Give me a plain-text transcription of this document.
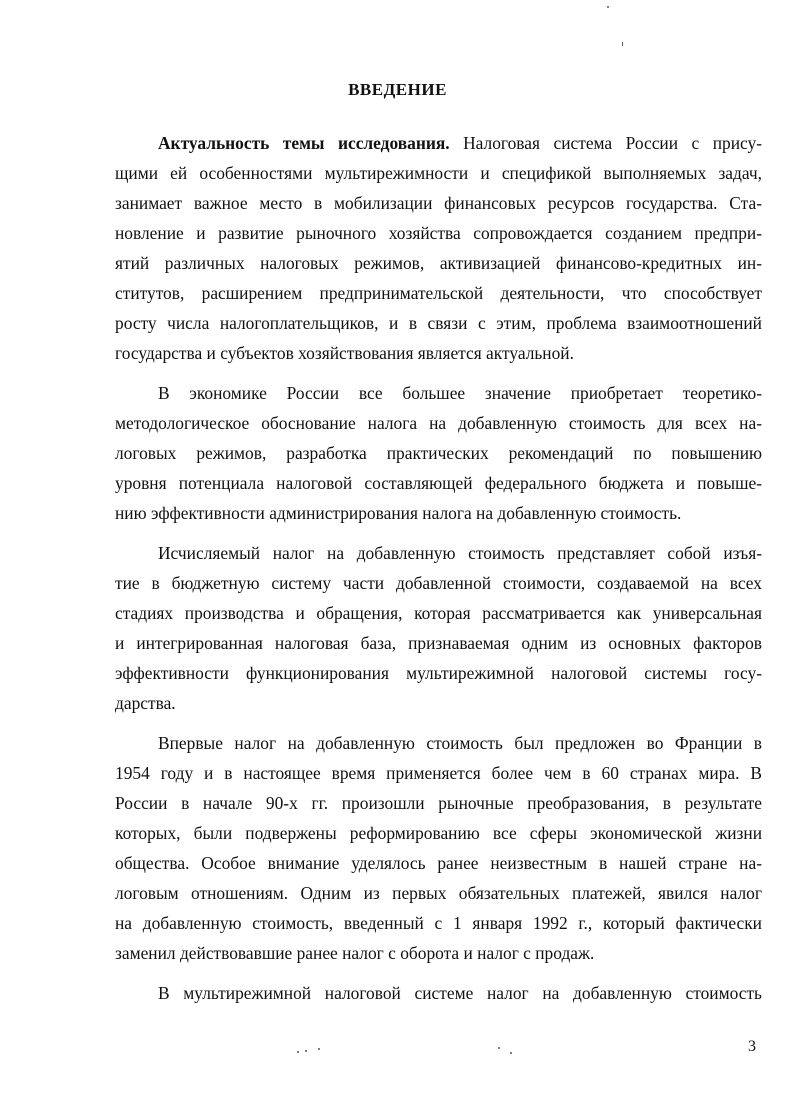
ВВЕДЕНИЕ
Актуальность темы исследования. Налоговая система России с прису-
щими ей особенностями мультирежимности и спецификой выполняемых задач,
занимает важное место в мобилизации финансовых ресурсов государства. Ста-
новление и развитие рыночного хозяйства сопровождается созданием предпри-
ятий различных налоговых режимов, активизацией финансово-кредитных ин-
ститутов, расширением предпринимательской деятельности, что способствует
росту числа налогоплательщиков, и в связи с этим, проблема взаимоотношений
государства и субъектов хозяйствования является актуальной.
В экономике России все большее значение приобретает теоретико-
методологическое обоснование налога на добавленную стоимость для всех на-
логовых режимов, разработка практических рекомендаций по повышению
уровня потенциала налоговой составляющей федерального бюджета и повыше-
нию эффективности администрирования налога на добавленную стоимость.
Исчисляемый налог на добавленную стоимость представляет собой изъя-
тие в бюджетную систему части добавленной стоимости, создаваемой на всех
стадиях производства и обращения, которая рассматривается как универсальная
и интегрированная налоговая база, признаваемая одним из основных факторов
эффективности функционирования мультирежимной налоговой системы госу-
дарства.
Впервые налог на добавленную стоимость был предложен во Франции в
1954 году и в настоящее время применяется более чем в 60 странах мира. В
России в начале 90-х гг. произошли рыночные преобразования, в результате
которых, были подвержены реформированию все сферы экономической жизни
общества. Особое внимание уделялось ранее неизвестным в нашей стране на-
логовым отношениям. Одним из первых обязательных платежей, явился налог
на добавленную стоимость, введенный с 1 января 1992 г., который фактически
заменил действовавшие ранее налог с оборота и налог с продаж.
В мультирежимной налоговой системе налог на добавленную стоимость
3
